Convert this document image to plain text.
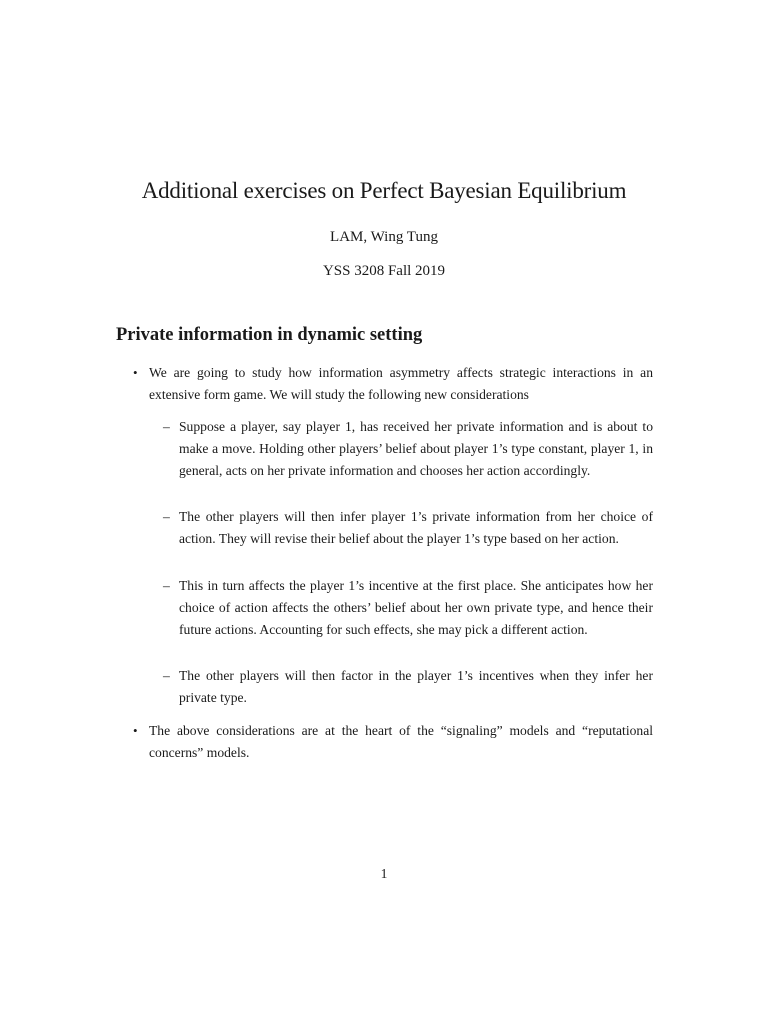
Additional exercises on Perfect Bayesian Equilibrium
LAM, Wing Tung
YSS 3208 Fall 2019
Private information in dynamic setting
• We are going to study how information asymmetry affects strategic interactions in an extensive form game. We will study the following new considerations
– Suppose a player, say player 1, has received her private information and is about to make a move. Holding other players’ belief about player 1’s type constant, player 1, in general, acts on her private information and chooses her action accordingly.
– The other players will then infer player 1’s private information from her choice of action. They will revise their belief about the player 1’s type based on her action.
– This in turn affects the player 1’s incentive at the first place. She anticipates how her choice of action affects the others’ belief about her own private type, and hence their future actions. Accounting for such effects, she may pick a different action.
– The other players will then factor in the player 1’s incentives when they infer her private type.
• The above considerations are at the heart of the “signaling” models and “reputational concerns” models.
1
